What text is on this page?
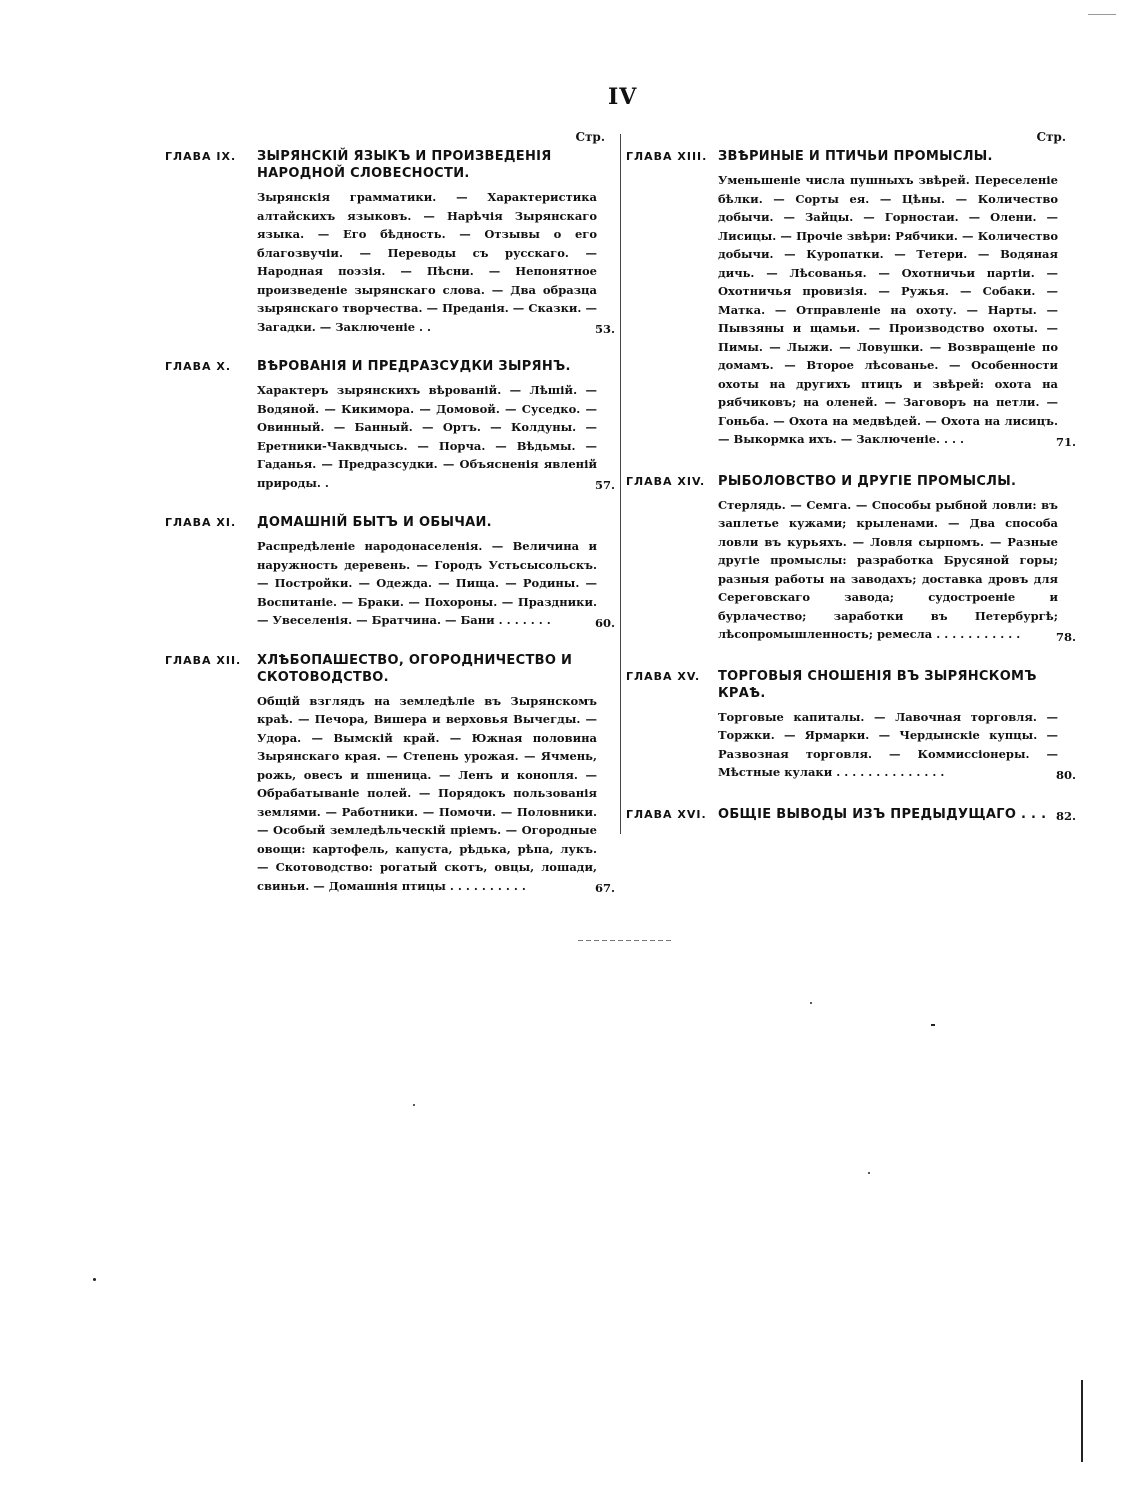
IV
Стр.
ГЛАВА IX.	ЗЫРЯНСКІЙ ЯЗЫКЪ И ПРОИЗВЕДЕНІЯ НАРОДНОЙ СЛОВЕСНОСТИ.
Зырянскія грамматики. — Характеристика алтайскихъ языковъ. — Нарѣчія Зырянскаго языка. — Его бѣдность. — Отзывы о его благозвучіи. — Переводы съ русскаго. — Народная поэзія. — Пѣсни. — Непонятное произведеніе зырянскаго слова. — Два образца зырянскаго творчества. — Преданія. — Сказки. — Загадки. — Заключеніе . .	53.
ГЛАВА X.	ВѢРОВАНІЯ И ПРЕДРАЗСУДКИ ЗЫРЯНЪ.
Характеръ зырянскихъ вѣрованій. — Лѣшій. — Водяной. — Кикимора. — Домовой. — Суседко. — Овинный. — Банный. — Ортъ. — Колдуны. — Еретники-Чаквдчысь. — Порча. — Вѣдьмы. — Гаданья. — Предразсудки. — Объясненія явленій природы. .	57.
ГЛАВА XI.	ДОМАШНІЙ БЫТЪ И ОБЫЧАИ.
Распредѣленіе народонаселенія. — Величина и наружность деревень. — Городъ Устьсысольскъ. — Постройки. — Одежда. — Пища. — Родины. — Воспитаніе. — Браки. — Похороны. — Праздники. — Увеселенія. — Братчина. — Бани . . . . . . .	60.
ГЛАВА XII.	ХЛѢБОПАШЕСТВО, ОГОРОДНИЧЕСТВО И СКОТОВОДСТВО.
Общій взглядъ на земледѣліе въ Зырянскомъ краѣ. — Печора, Вишера и верховья Вычегды. — Удора. — Вымскій край. — Южная половина Зырянскаго края. — Степень урожая. — Ячмень, рожь, овесъ и пшеница. — Ленъ и конопля. — Обрабатываніе полей. — Порядокъ пользованія землями. — Работники. — Помочи. — Половники. — Особый земледѣльческій пріемъ. — Огородные овощи: картофель, капуста, рѣдька, рѣпа, лукъ. — Скотоводство: рогатый скотъ, овцы, лошади, свиньи. — Домашнія птицы . . . . . . . . . .	67.
Стр.
ГЛАВА XIII. ЗВѢРИНЫЕ И ПТИЧЬИ ПРОМЫСЛЫ.
Уменьшеніе числа пушныхъ звѣрей. Переселеніе бѣлки. — Сорты ея. — Цѣны. — Количество добычи. — Зайцы. — Горностаи. — Олени. — Лисицы. — Прочіе звѣри: Рябчики. — Количество добычи. — Куропатки. — Тетери. — Водяная дичь. — Лѣсованья. — Охотничьи партіи. — Охотничья провизія. — Ружья. — Собаки. — Матка. — Отправленіе на охоту. — Нарты. — Пывзяны и щамьи. — Производство охоты. — Пимы. — Лыжи. — Ловушки. — Возвращеніе по домамъ. — Второе лѣсованье. — Особенности охоты на другихъ птицъ и звѣрей: охота на рябчиковъ; на оленей. — Заговоръ на петли. — Гоньба. — Охота на медвѣдей. — Охота на лисицъ. — Выкормка ихъ. — Заключеніе. . . .	71.
ГЛАВА XIV. РЫБОЛОВСТВО И ДРУГІЕ ПРОМЫСЛЫ.
Стерлядь. — Семга. — Способы рыбной ловли: въ заплетье кужами; крыленами. — Два способа ловли въ курьяхъ. — Ловля сырпомъ. — Разные другіе промыслы: разработка Брусяной горы; разныя работы на заводахъ; доставка дровъ для Сереговскаго завода; судостроеніе и бурлачество; заработки въ Петербургѣ; лѣсопромышленность; ремесла . . . . . . . . . . .	78.
ГЛАВА XV.	ТОРГОВЫЯ СНОШЕНІЯ ВЪ ЗЫРЯНСКОМЪ КРАѢ.
Торговые капиталы. — Лавочная торговля. — Торжки. — Ярмарки. — Чердынскіе купцы. — Развозная торговля. — Коммиссіонеры. — Мѣстные кулаки . . . . . . . . . . . . . .	80.
ГЛАВА XVI. ОБЩІЕ ВЫВОДЫ ИЗЪ ПРЕДЫДУЩАГО . . . 82.
